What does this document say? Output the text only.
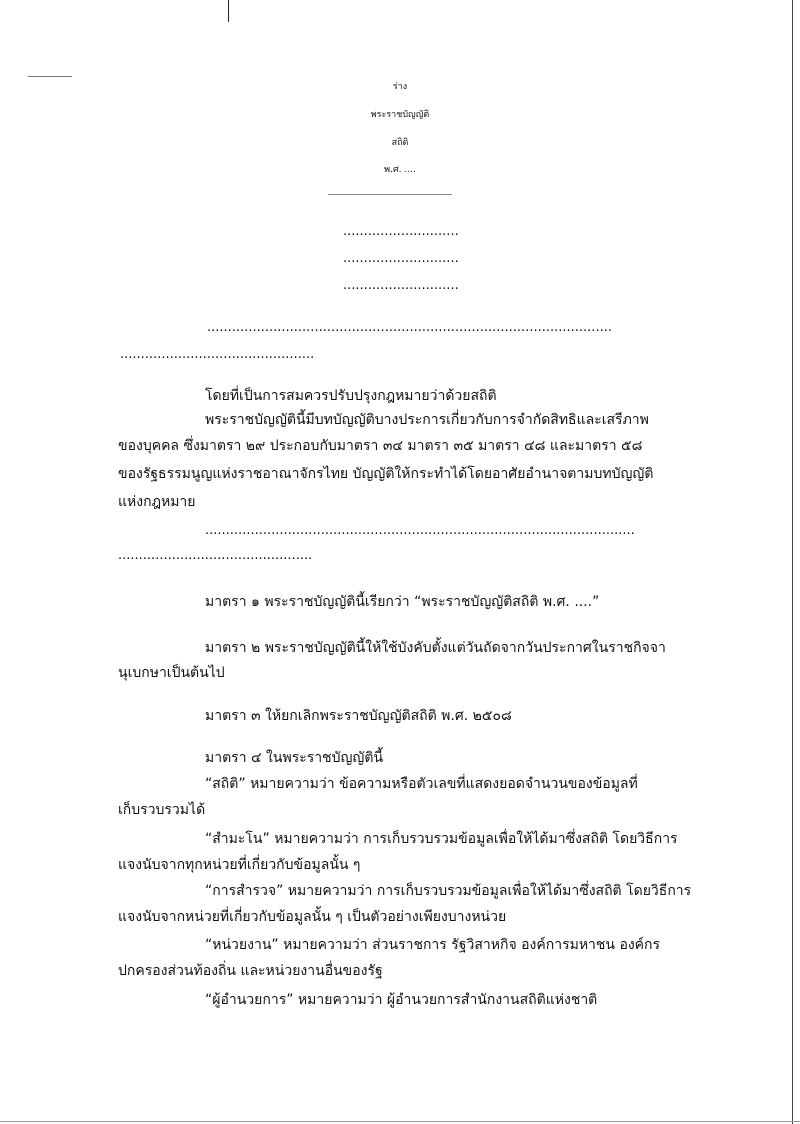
ร่าง

พระราชบัญญัติ

สถิติ

พ.ศ. ....

............................

............................

............................

..................................................................................................

...............................................

โดยที่เป็นการสมควรปรับปรุงกฎหมายว่าด้วยสถิติ

พระราชบัญญัตินี้มีบทบัญญัติบางประการเกี่ยวกับการจำกัดสิทธิและเสรีภาพ

ของบุคคล ซึ่งมาตรา ๒๙ ประกอบกับมาตรา ๓๔ มาตรา ๓๕ มาตรา ๔๘ และมาตรา ๕๘

ของรัฐธรรมนูญแห่งราชอาณาจักรไทย บัญญัติให้กระทำได้โดยอาศัยอำนาจตามบทบัญญัติ

แห่งกฎหมาย

........................................................................................................

...............................................

มาตรา ๑ พระราชบัญญัตินี้เรียกว่า “พระราชบัญญัติสถิติ พ.ศ. ....”

มาตรา ๒ พระราชบัญญัตินี้ให้ใช้บังคับตั้งแต่วันถัดจากวันประกาศในราชกิจจา

นุเบกษาเป็นต้นไป

มาตรา ๓ ให้ยกเลิกพระราชบัญญัติสถิติ พ.ศ. ๒๕๐๘

มาตรา ๔ ในพระราชบัญญัตินี้

“สถิติ” หมายความว่า ข้อความหรือตัวเลขที่แสดงยอดจำนวนของข้อมูลที่

เก็บรวบรวมได้

“สำมะโน” หมายความว่า การเก็บรวบรวมข้อมูลเพื่อให้ได้มาซึ่งสถิติ โดยวิธีการ

แจงนับจากทุกหน่วยที่เกี่ยวกับข้อมูลนั้น ๆ

“การสำรวจ” หมายความว่า การเก็บรวบรวมข้อมูลเพื่อให้ได้มาซึ่งสถิติ โดยวิธีการ

แจงนับจากหน่วยที่เกี่ยวกับข้อมูลนั้น ๆ เป็นตัวอย่างเพียงบางหน่วย

“หน่วยงาน” หมายความว่า ส่วนราชการ รัฐวิสาหกิจ องค์การมหาชน องค์กร

ปกครองส่วนท้องถิ่น และหน่วยงานอื่นของรัฐ

“ผู้อำนวยการ” หมายความว่า ผู้อำนวยการสำนักงานสถิติแห่งชาติ
